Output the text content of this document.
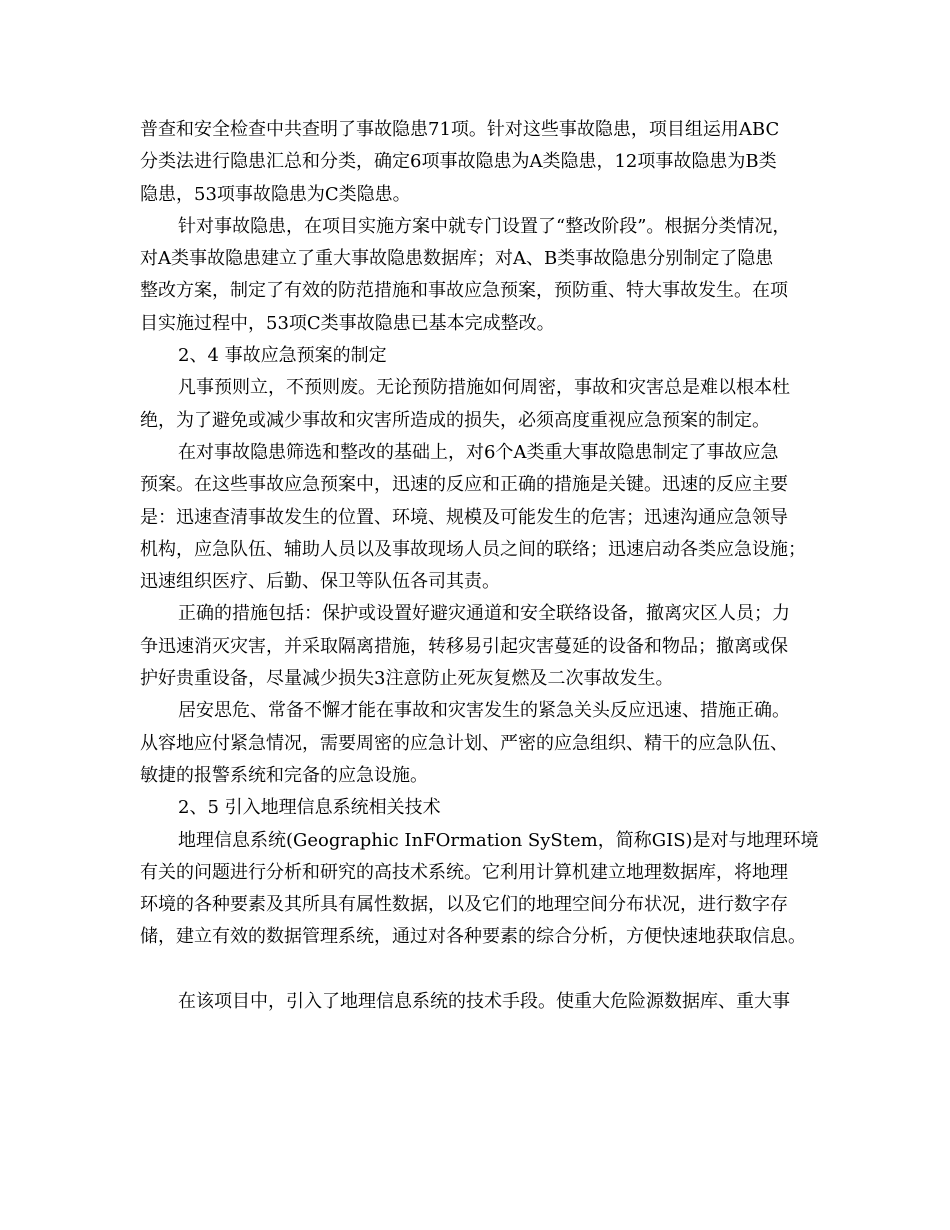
普查和安全检查中共查明了事故隐患71项。针对这些事故隐患，项目组运用ABC
分类法进行隐患汇总和分类，确定6项事故隐患为A类隐患，12项事故隐患为B类
隐患，53项事故隐患为C类隐患。
针对事故隐患，在项目实施方案中就专门设置了“整改阶段”。根据分类情况，
对A类事故隐患建立了重大事故隐患数据库；对A、B类事故隐患分别制定了隐患
整改方案，制定了有效的防范措施和事故应急预案，预防重、特大事故发生。在项
目实施过程中，53项C类事故隐患已基本完成整改。
2、4 事故应急预案的制定
凡事预则立，不预则废。无论预防措施如何周密，事故和灾害总是难以根本杜
绝，为了避免或减少事故和灾害所造成的损失，必须高度重视应急预案的制定。
在对事故隐患筛选和整改的基础上，对6个A类重大事故隐患制定了事故应急
预案。在这些事故应急预案中，迅速的反应和正确的措施是关键。迅速的反应主要
是：迅速查清事故发生的位置、环境、规模及可能发生的危害；迅速沟通应急领导
机构，应急队伍、辅助人员以及事故现场人员之间的联络；迅速启动各类应急设施；
迅速组织医疗、后勤、保卫等队伍各司其责。
正确的措施包括：保护或设置好避灾通道和安全联络设备，撤离灾区人员；力
争迅速消灭灾害，并采取隔离措施，转移易引起灾害蔓延的设备和物品；撤离或保
护好贵重设备，尽量减少损失3注意防止死灰复燃及二次事故发生。
居安思危、常备不懈才能在事故和灾害发生的紧急关头反应迅速、措施正确。
从容地应付紧急情况，需要周密的应急计划、严密的应急组织、精干的应急队伍、
敏捷的报警系统和完备的应急设施。
2、5 引入地理信息系统相关技术
地理信息系统(Geographic InFOrmation SyStem，简称GIS)是对与地理环境
有关的问题进行分析和研究的高技术系统。它利用计算机建立地理数据库，将地理
环境的各种要素及其所具有属性数据，以及它们的地理空间分布状况，进行数字存
储，建立有效的数据管理系统，通过对各种要素的综合分析，方便快速地获取信息。
在该项目中，引入了地理信息系统的技术手段。使重大危险源数据库、重大事
